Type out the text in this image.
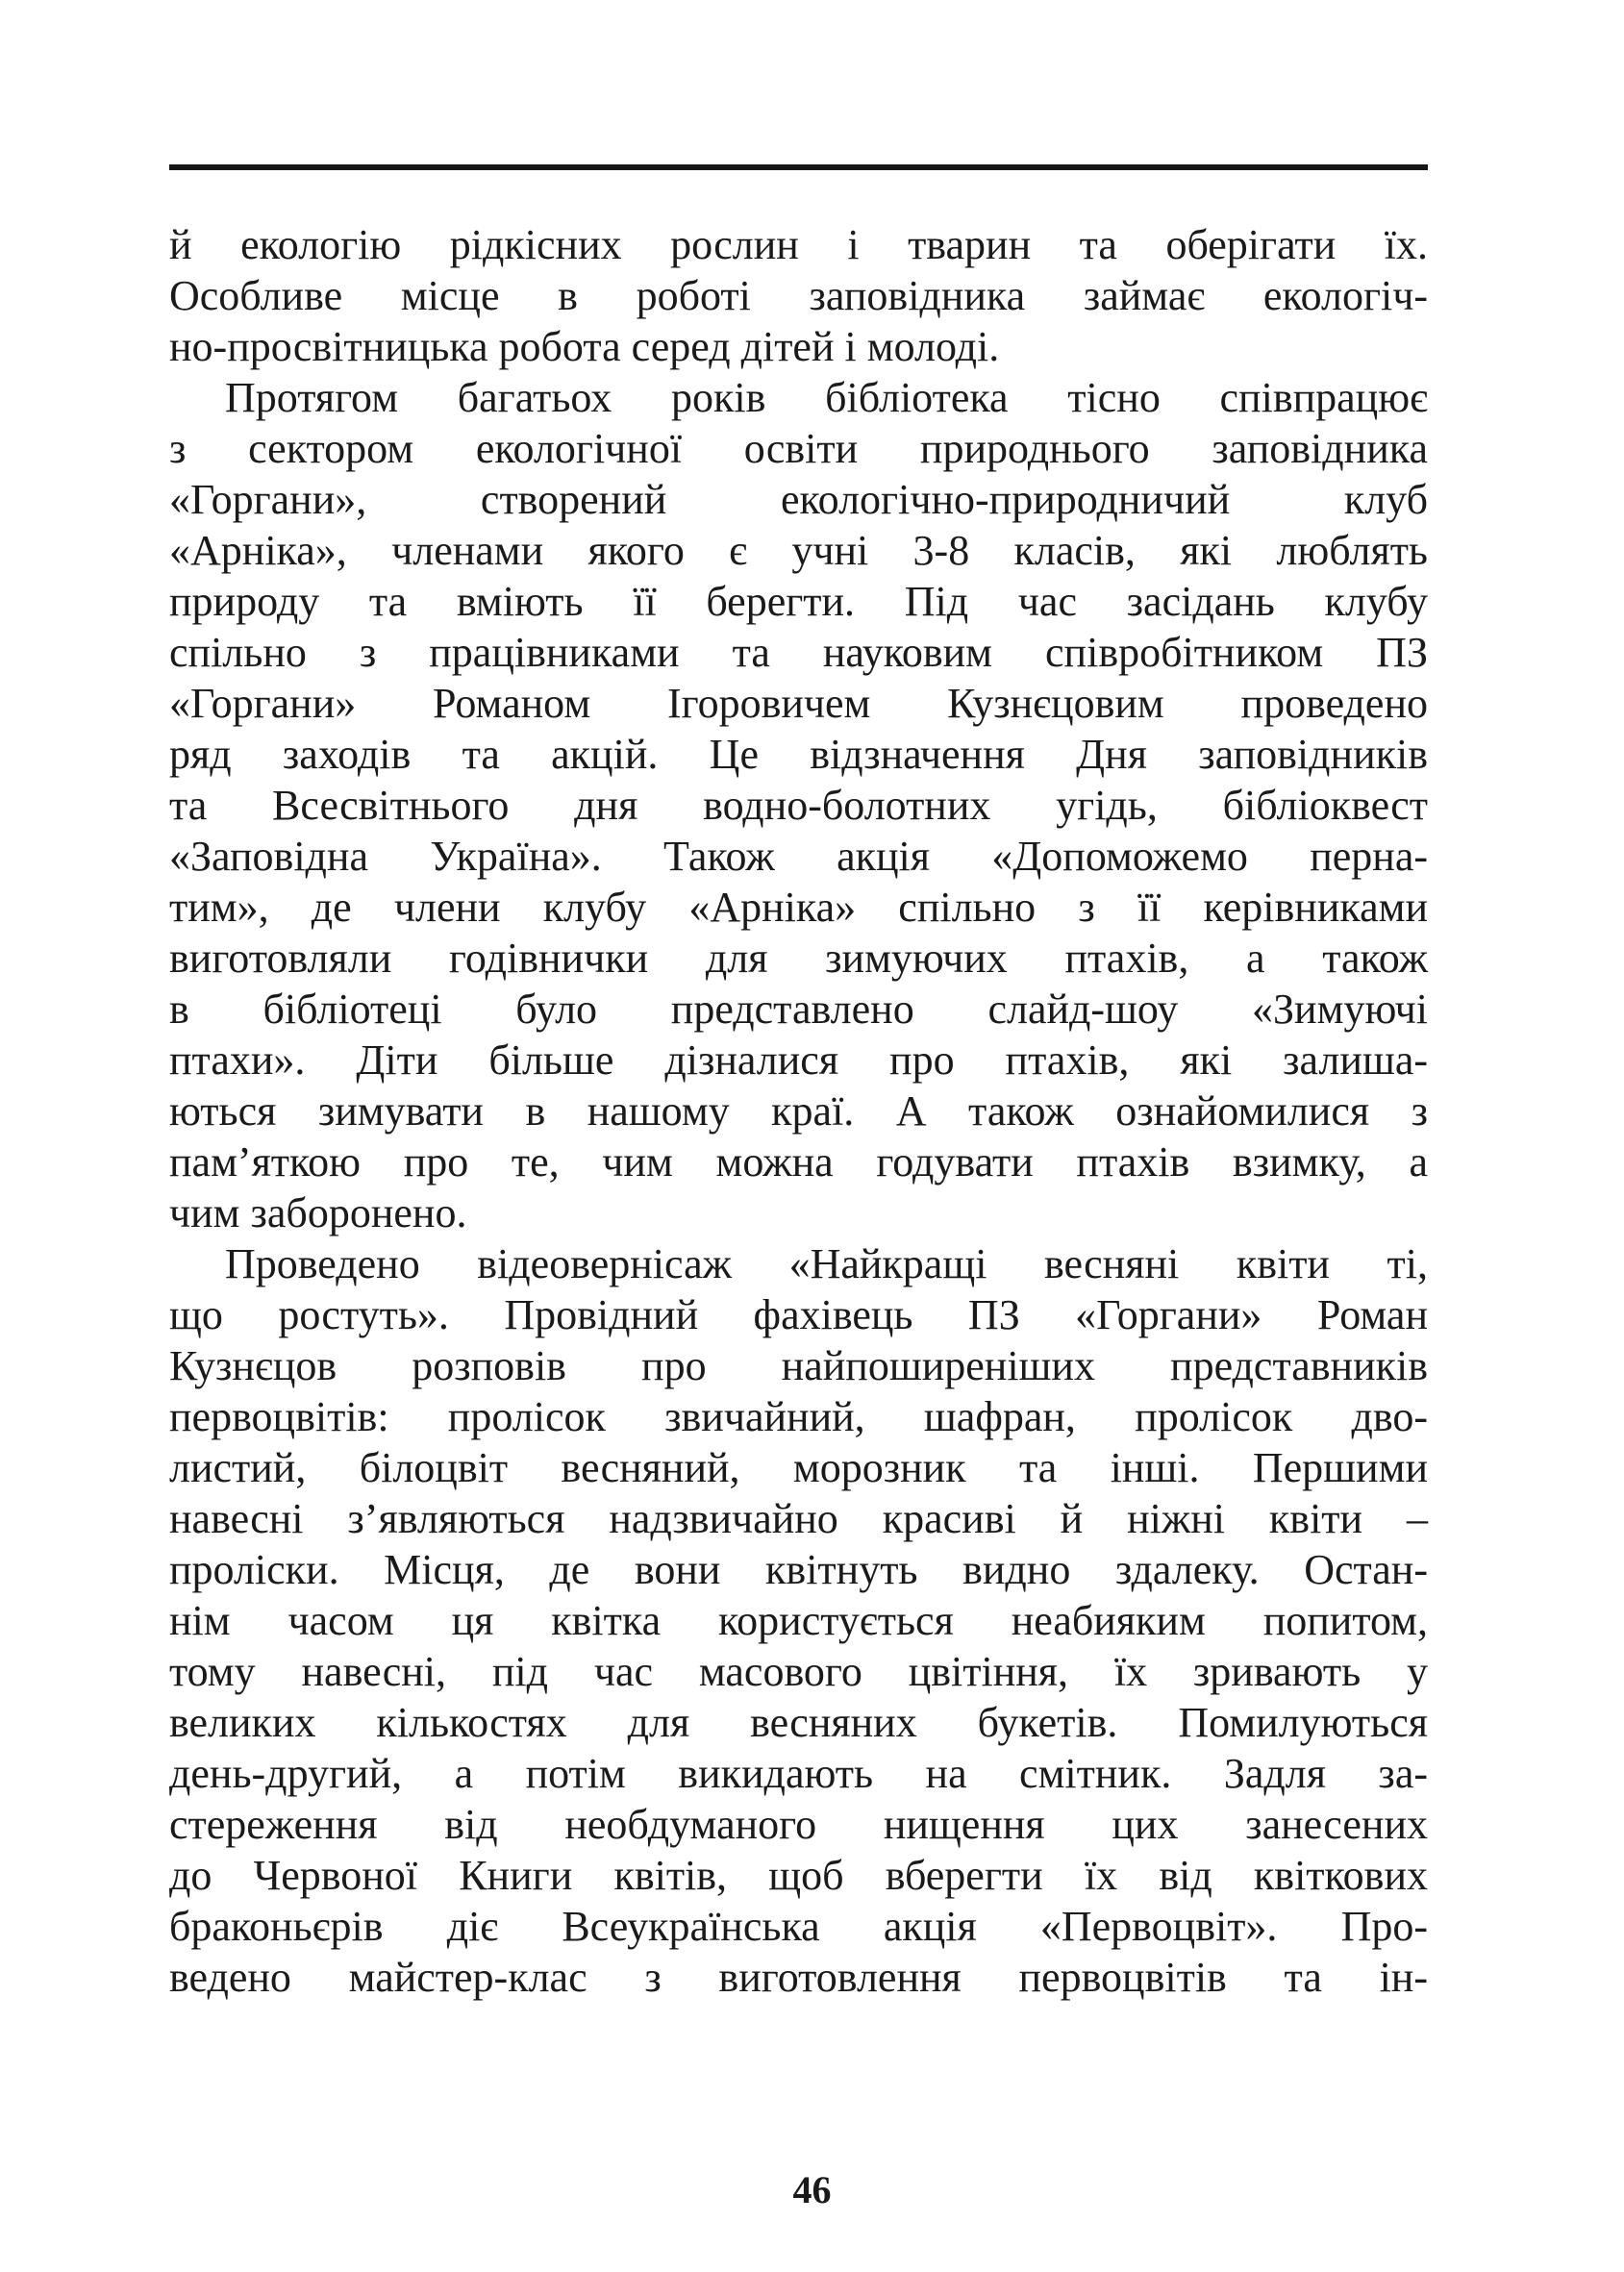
й екологію рідкісних рослин і тварин та оберігати їх.
Особливе місце в роботі заповідника займає екологіч-
но-просвітницька робота серед дітей і молоді.
Протягом багатьох років бібліотека тісно співпрацює
з сектором екологічної освіти природнього заповідника
«Горгани», створений екологічно-природничий клуб
«Арніка», членами якого є учні 3-8 класів, які люблять
природу та вміють її берегти. Під час засідань клубу
спільно з працівниками та науковим співробітником ПЗ
«Горгани» Романом Ігоровичем Кузнєцовим проведено
ряд заходів та акцій. Це відзначення Дня заповідників
та Всесвітнього дня водно-болотних угідь, бібліоквест
«Заповідна Україна». Також акція «Допоможемо перна-
тим», де члени клубу «Арніка» спільно з її керівниками
виготовляли годівнички для зимуючих птахів, а також
в бібліотеці було представлено слайд-шоу «Зимуючі
птахи». Діти більше дізналися про птахів, які залиша-
ються зимувати в нашому краї. А також ознайомилися з
пам’яткою про те, чим можна годувати птахів взимку, а
чим заборонено.
Проведено відеовернісаж «Найкращі весняні квіти ті,
що ростуть». Провідний фахівець ПЗ «Горгани» Роман
Кузнєцов розповів про найпоширеніших представників
первоцвітів: пролісок звичайний, шафран, пролісок дво-
листий, білоцвіт весняний, морозник та інші. Першими
навесні з’являються надзвичайно красиві й ніжні квіти –
проліски. Місця, де вони квітнуть видно здалеку. Остан-
нім часом ця квітка користується неабияким попитом,
тому навесні, під час масового цвітіння, їх зривають у
великих кількостях для весняних букетів. Помилуються
день-другий, а потім викидають на смітник. Задля за-
стереження від необдуманого нищення цих занесених
до Червоної Книги квітів, щоб вберегти їх від квіткових
браконьєрів діє Всеукраїнська акція «Первоцвіт». Про-
ведено майстер-клас з виготовлення первоцвітів та ін-
46
